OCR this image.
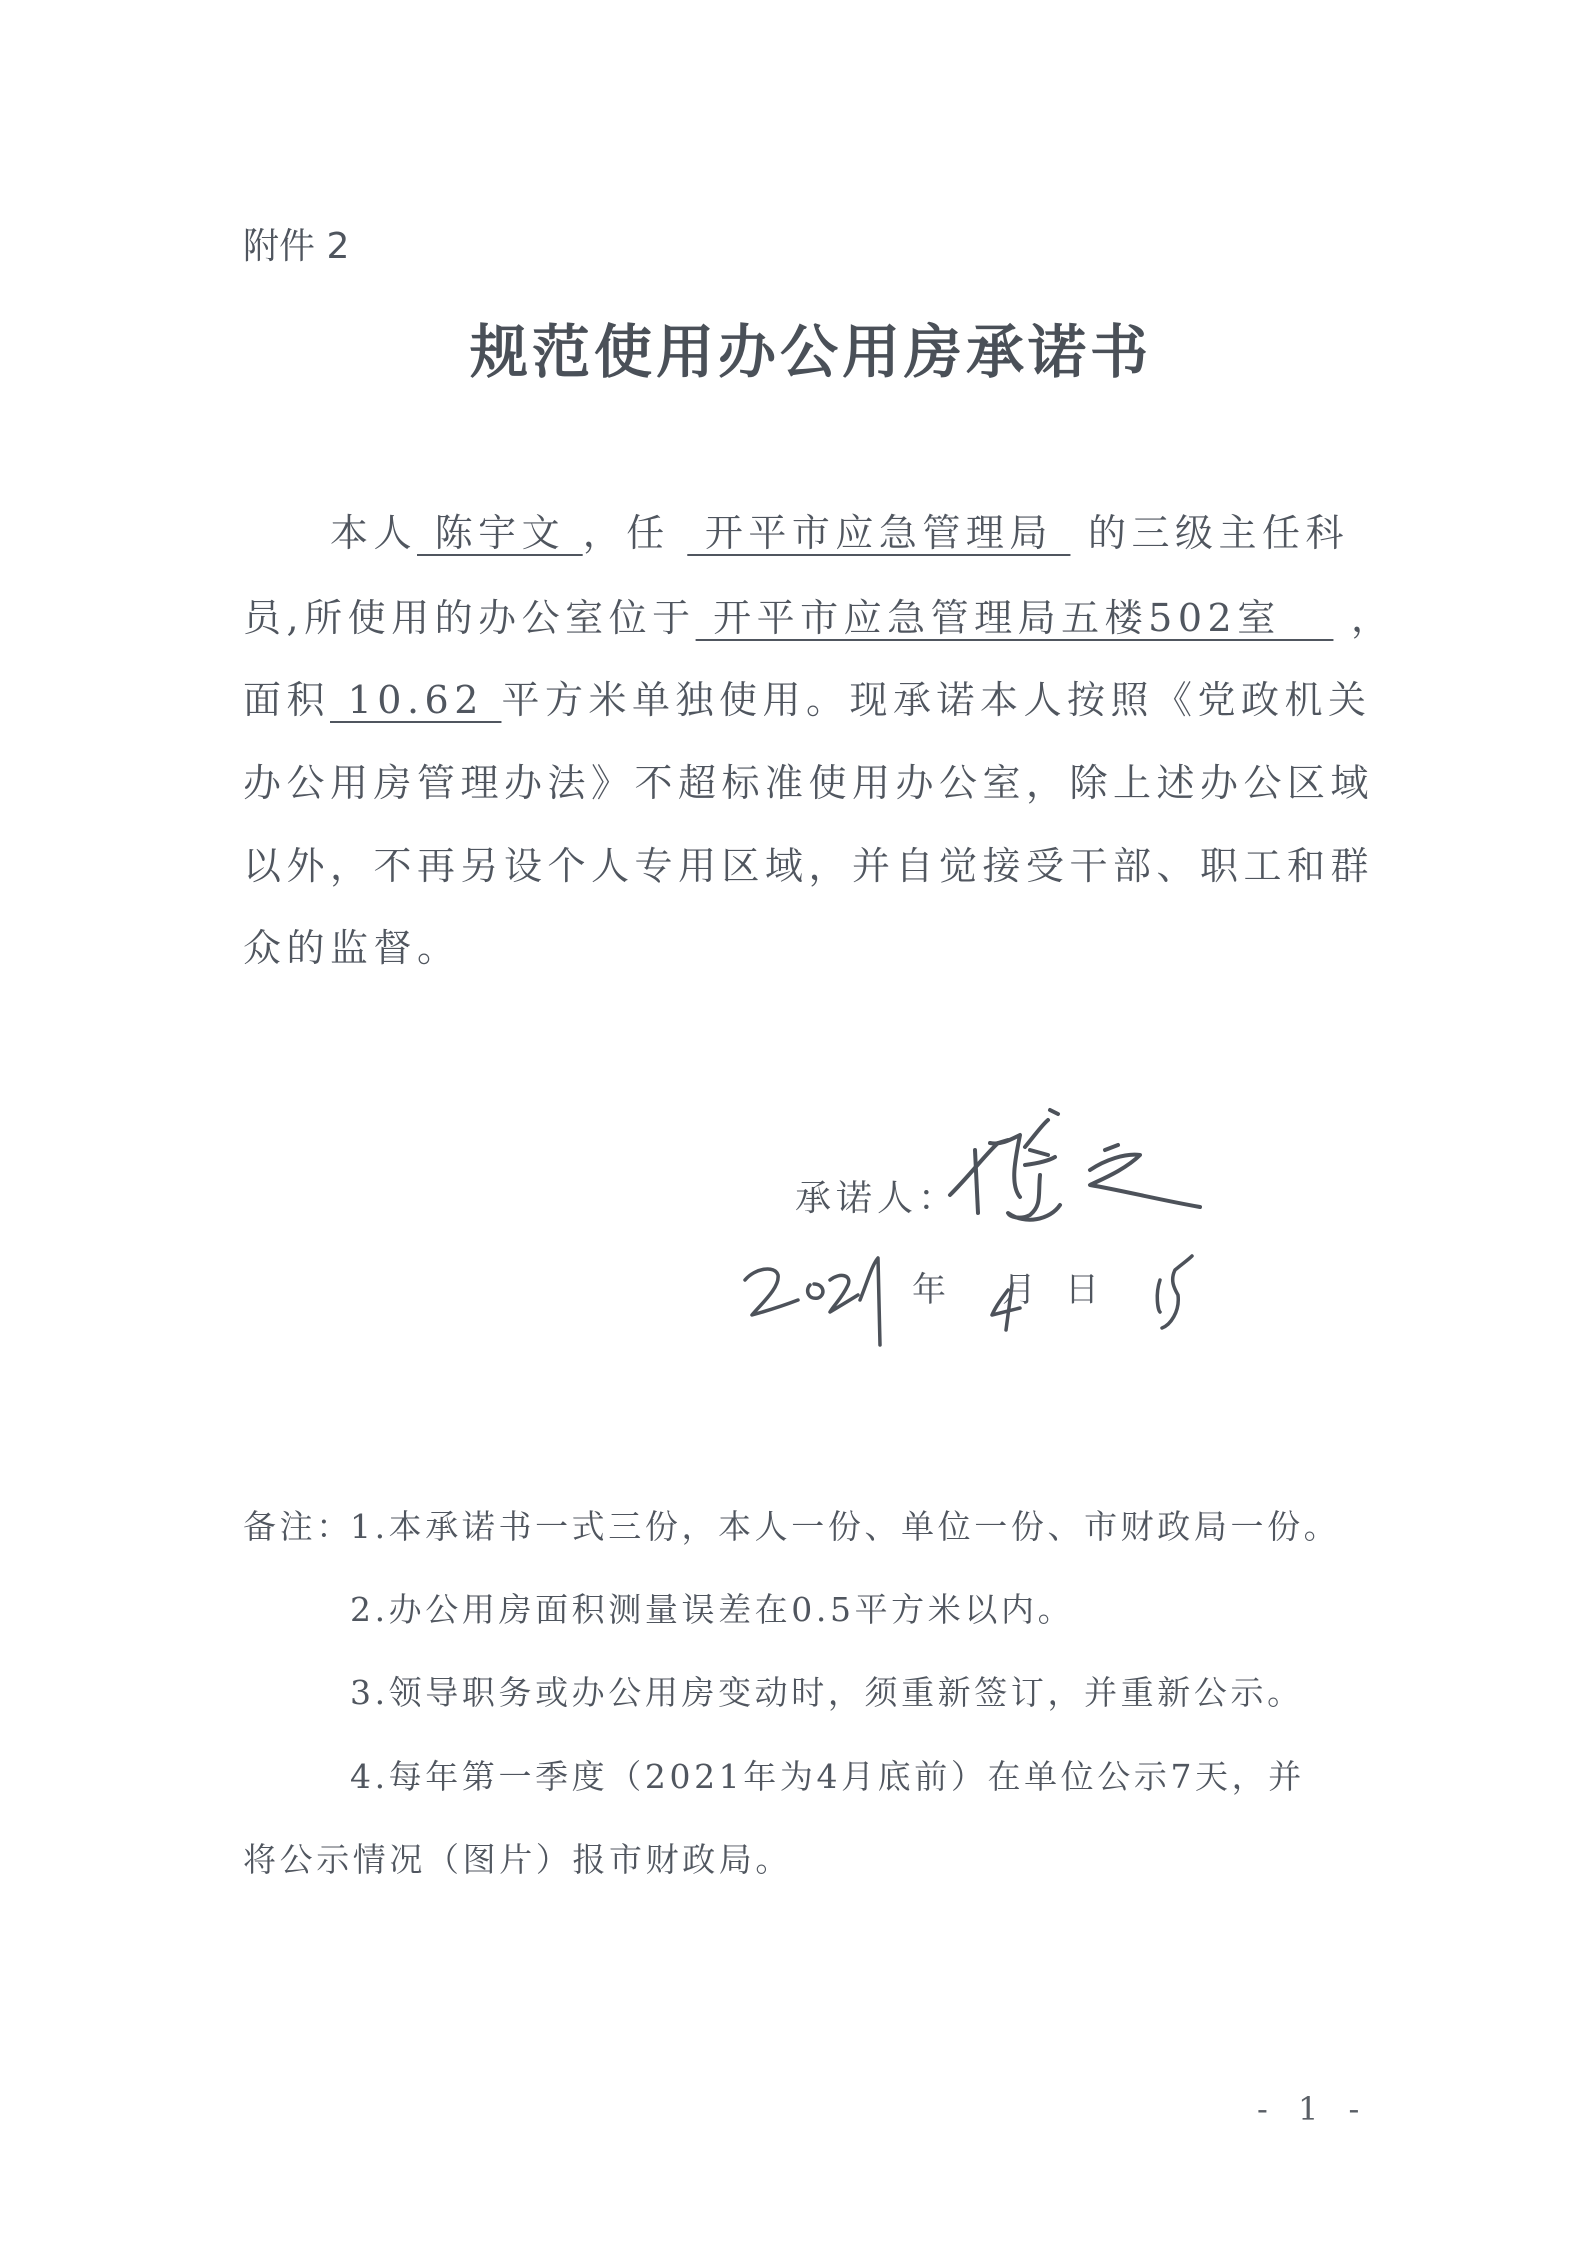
附件 2
规范使用办公用房承诺书
本人 陈宇文 ，任  开平市应急管理局  的三级主任科
员,所使用的办公室位于 开平市应急管理局五楼502室    ，
面积 10.62 平方米单独使用。现承诺本人按照《党政机关
办公用房管理办法》不超标准使用办公室，除上述办公区域
以外，不再另设个人专用区域，并自觉接受干部、职工和群
众的监督。
承诺人：
年 月 日
备注：
1.本承诺书一式三份，本人一份、单位一份、市财政局一份。
2.办公用房面积测量误差在0.5平方米以内。
3.领导职务或办公用房变动时，须重新签订，并重新公示。
4.每年第一季度（2021年为4月底前）在单位公示7天，并
将公示情况（图片）报市财政局。
- 1 -
